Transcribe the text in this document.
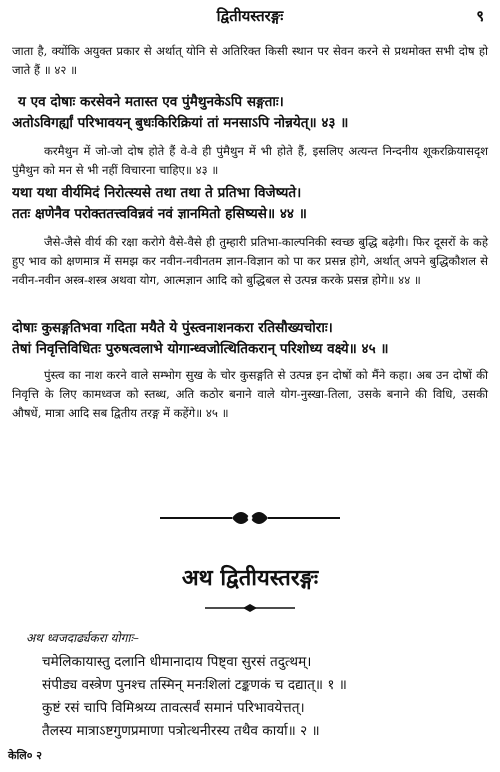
द्वितीयस्तरङ्गः	९
जाता है, क्योंकि अयुक्त प्रकार से अर्थात् योनि से अतिरिक्त किसी स्थान पर सेवन करने से प्रथमोक्त सभी दोष हो जाते हैं ॥ ४२ ॥
य एव दोषाः करसेवने मतास्त एव पुंमैथुनकेऽपि सङ्गताः।
अतोऽविगर्ह्यां परिभावयन् बुधःकिरिक्रियां तां मनसाऽपि नोन्नयेत्॥ ४३ ॥
करमैथुन में जो-जो दोष होते हैं वे-वे ही पुंमैथुन में भी होते हैं, इसलिए अत्यन्त निन्दनीय शूकरक्रियासदृश पुंमैथुन को मन से भी नहीं विचारना चाहिए॥ ४३ ॥
यथा यथा वीर्यमिदं निरोत्स्यसे तथा तथा ते प्रतिभा विजेष्यते।
ततः क्षणेनैव परोक्ततत्त्वविन्नवं नवं ज्ञानमितो हसिष्यसे॥ ४४ ॥
जैसे-जैसे वीर्य की रक्षा करोगे वैसे-वैसे ही तुम्हारी प्रतिभा-काल्पनिकी स्वच्छ बुद्धि बढ़ेगी। फिर दूसरों के कहे हुए भाव को क्षणमात्र में समझ कर नवीन-नवीनतम ज्ञान-विज्ञान को पा कर प्रसन्न होगे, अर्थात् अपने बुद्धिकौशल से नवीन-नवीन अस्त्र-शस्त्र अथवा योग, आत्मज्ञान आदि को बुद्धिबल से उत्पन्न करके प्रसन्न होगे॥ ४४ ॥
दोषाः कुसङ्गतिभवा गदिता मयैते ये पुंस्त्वनाशनकरा रतिसौख्यचोराः।
तेषां निवृत्तिविधितः पुरुषत्वलाभे योगान्ध्वजोत्थितिकरान् परिशोध्य वक्ष्ये॥ ४५ ॥
पुंस्त्व का नाश करने वाले सम्भोग सुख के चोर कुसङ्गति से उत्पन्न इन दोषों को मैंने कहा। अब उन दोषों की निवृत्ति के लिए कामध्वज को स्तब्ध, अति कठोर बनाने वाले योग-नुस्खा-तिला, उसके बनाने की विधि, उसकी औषधें, मात्रा आदि सब द्वितीय तरङ्ग में कहेंगे॥ ४५ ॥
अथ द्वितीयस्तरङ्गः
अथ ध्वजदार्ढ्यकरा योगाः–
चमेलिकायास्तु दलानि धीमानादाय पिष्ट्वा सुरसं तदुत्थम्।
संपीड्य वस्त्रेण पुनश्च तस्मिन् मनःशिलां टङ्कणकं च दद्यात्॥ १ ॥
कुष्टं रसं चापि विमिश्रय्य तावत्सर्वं समानं परिभावयेत्तत्।
तैलस्य मात्राऽष्टगुणप्रमाणा पत्रोत्थनीरस्य तथैव कार्या॥ २ ॥
केलि० २
